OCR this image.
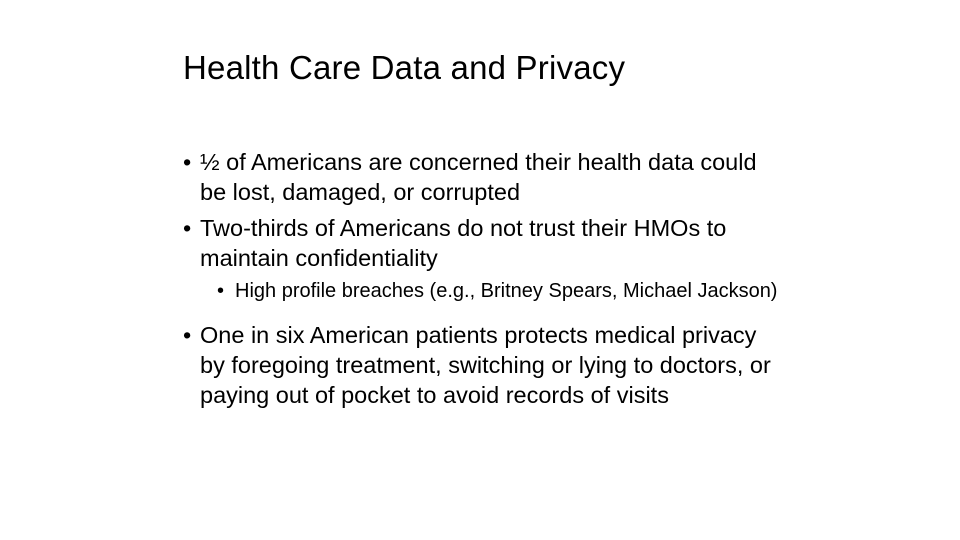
Health Care Data and Privacy
• ½ of Americans are concerned their health data could be lost, damaged, or corrupted
• Two-thirds of Americans do not trust their HMOs to maintain confidentiality
• High profile breaches (e.g., Britney Spears, Michael Jackson)
• One in six American patients protects medical privacy by foregoing treatment, switching or lying to doctors, or paying out of pocket to avoid records of visits
